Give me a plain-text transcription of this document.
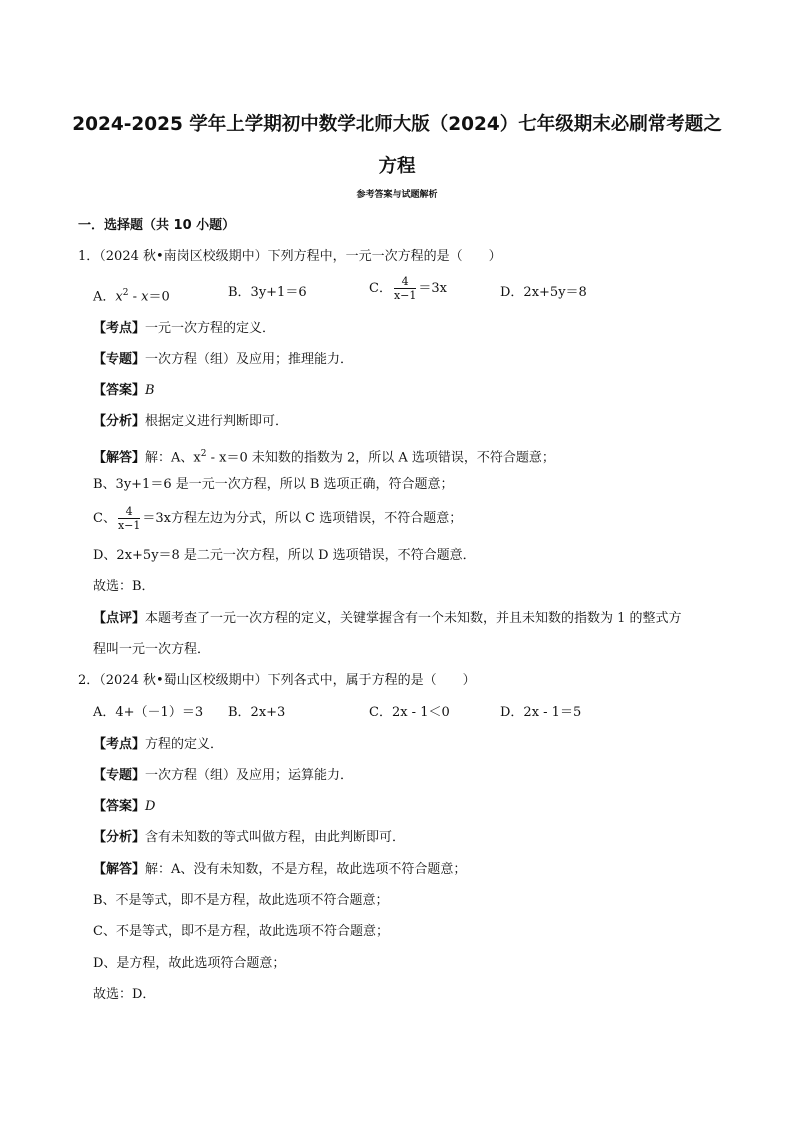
2024-2025 学年上学期初中数学北师大版（2024）七年级期末必刷常考题之方程
参考答案与试题解析
一．选择题（共 10 小题）
1．（2024 秋•南岗区校级期中）下列方程中，一元一次方程的是（　　）
A．$x^2 - x=0$	B．3y+1＝6	C． $\frac{4}{x-1} =3x$	D．2x+5y＝8
【考点】一元一次方程的定义．
【专题】一次方程（组）及应用；推理能力．
【答案】B
【分析】根据定义进行判断即可．
【解答】解：A、$x^2 - x=0$ 未知数的指数为 2，所以 A 选项错误，不符合题意；
B、3y+1＝6 是一元一次方程，所以 B 选项正确，符合题意；
C、 $\frac{4}{x-1} =3x$方程左边为分式，所以 C 选项错误，不符合题意；
D、2x+5y＝8 是二元一次方程，所以 D 选项错误，不符合题意．
故选：B．
【点评】本题考查了一元一次方程的定义，关键掌握含有一个未知数，并且未知数的指数为 1 的整式方
程叫一元一次方程．
2．（2024 秋•蜀山区校级期中）下列各式中，属于方程的是（　　）
A．4+（－1）＝3 B．2x+3	C．2x - 1＜0	D．2x - 1＝5
【考点】方程的定义．
【专题】一次方程（组）及应用；运算能力．
【答案】D
【分析】含有未知数的等式叫做方程，由此判断即可．
【解答】解：A、没有未知数，不是方程，故此选项不符合题意；
B、不是等式，即不是方程，故此选项不符合题意；
C、不是等式，即不是方程，故此选项不符合题意；
D、是方程，故此选项符合题意；
故选：D．
